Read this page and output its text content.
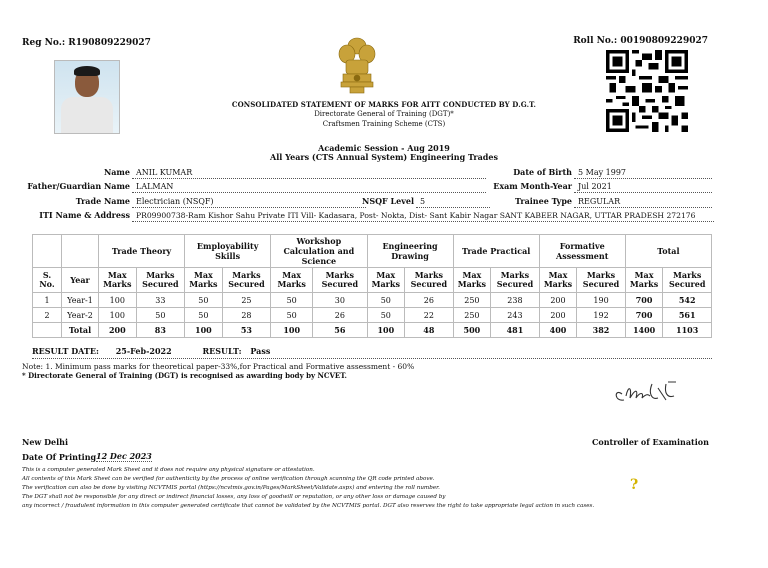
Reg No.: R190809229027	Roll No.: 00190809229027
CONSOLIDATED STATEMENT OF MARKS FOR AITT CONDUCTED BY D.G.T.
Directorate General of Training (DGT)*
Craftsmen Training Scheme (CTS)
Academic Session - Aug 2019
All Years (CTS Annual System) Engineering Trades
Name ANIL KUMAR
Father/Guardian Name LALMAN
Trade Name Electrician (NSQF)	NSQF Level 5
ITI Name & Address PR09900738-Ram Kishor Sahu Private ITI Vill- Kadasara, Post- Nokta, Dist- Sant Kabir Nagar SANT KABEER NAGAR, UTTAR PRADESH 272176
Date of Birth 5 May 1997
Exam Month-Year Jul 2021
Trainee Type REGULAR
		Trade Theory		Employability Skills		Workshop Calculation and Science		Engineering Drawing		Trade Practical		Formative Assessment		Total	
S. No.	Year	Max Marks	Marks Secured	Max Marks	Marks Secured	Max Marks	Marks Secured	Max Marks	Marks Secured	Max Marks	Marks Secured	Max Marks	Marks Secured	Max Marks	Marks Secured
1	Year-1	100	33	50	25	50	30	50	26	250	238	200	190	700	542
2	Year-2	100	50	50	28	50	26	50	22	250	243	200	192	700	561
	Total	200	83	100	53	100	56	100	48	500	481	400	382	1400	1103
RESULT DATE: 25-Feb-2022	RESULT: Pass
Note: 1. Minimum pass marks for theoretical paper-33%,for Practical and Formative assessment - 60%
* Directorate General of Training (DGT) is recognised as awarding body by NCVET.
New Delhi	Controller of Examination
Date Of Printing 12 Dec 2023
This is a computer generated Mark Sheet and it does not require any physical signature or attestation.
All contents of this Mark Sheet can be verified for authenticity by the process of online verification through scanning the QR code printed above.
The verification can also be done by visiting NCVTMIS portal (https://ncvtmis.gov.in/Pages/MarkSheet/Validate.aspx) and entering the roll number.
The DGT shall not be responsible for any direct or indirect financial losses, any loss of goodwill or reputation, or any other loss or damage caused by
any incorrect / fraudulent information in this computer generated certificate that cannot be validated by the NCVTMIS portal. DGT also reserves the right to take appropriate legal action in such cases.
?
